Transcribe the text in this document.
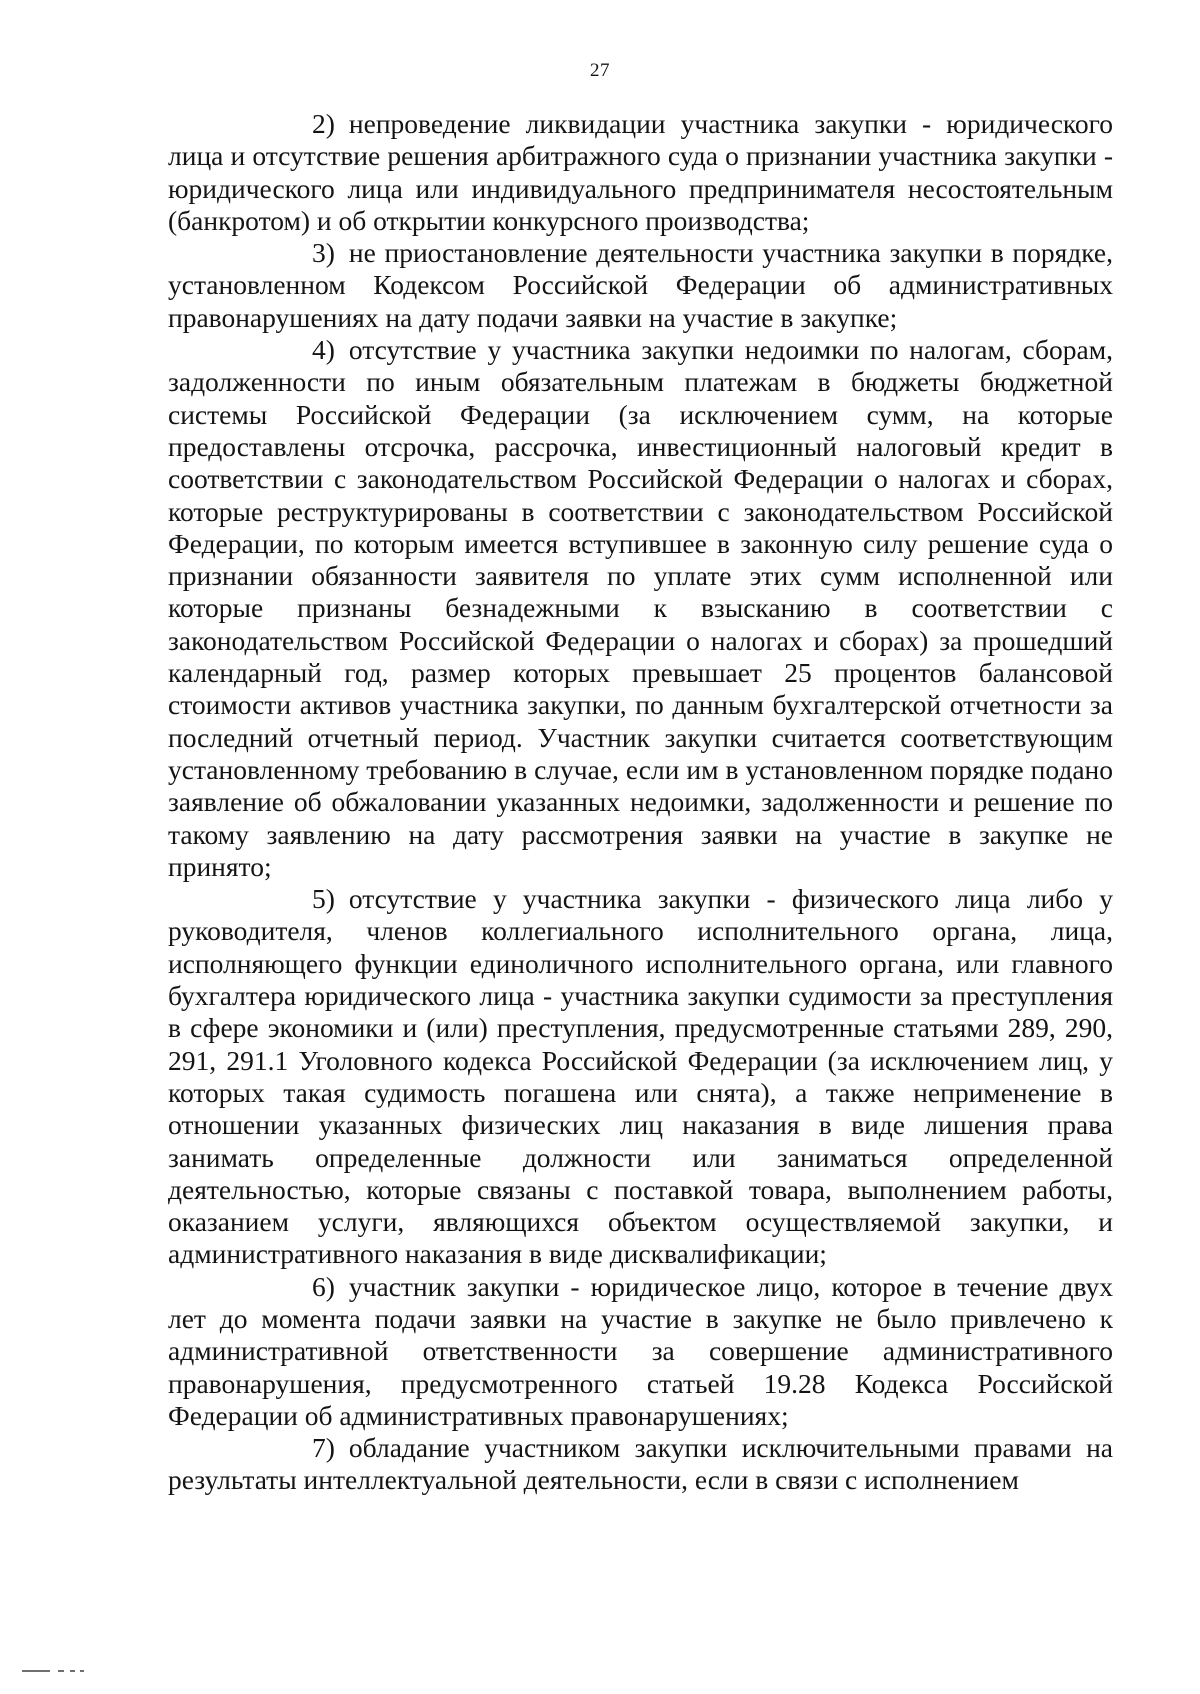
27

2) непроведение ликвидации участника закупки - юридического лица и отсутствие решения арбитражного суда о признании участника закупки - юридического лица или индивидуального предпринимателя несостоятельным (банкротом) и об открытии конкурсного производства;

3) не приостановление деятельности участника закупки в порядке, установленном Кодексом Российской Федерации об административных правонарушениях на дату подачи заявки на участие в закупке;

4) отсутствие у участника закупки недоимки по налогам, сборам, задолженности по иным обязательным платежам в бюджеты бюджетной системы Российской Федерации (за исключением сумм, на которые предоставлены отсрочка, рассрочка, инвестиционный налоговый кредит в соответствии с законодательством Российской Федерации о налогах и сборах, которые реструктурированы в соответствии с законодательством Российской Федерации, по которым имеется вступившее в законную силу решение суда о признании обязанности заявителя по уплате этих сумм исполненной или которые признаны безнадежными к взысканию в соответствии с законодательством Российской Федерации о налогах и сборах) за прошедший календарный год, размер которых превышает 25 процентов балансовой стоимости активов участника закупки, по данным бухгалтерской отчетности за последний отчетный период. Участник закупки считается соответствующим установленному требованию в случае, если им в установленном порядке подано заявление об обжаловании указанных недоимки, задолженности и решение по такому заявлению на дату рассмотрения заявки на участие в закупке не принято;

5) отсутствие у участника закупки - физического лица либо у руководителя, членов коллегиального исполнительного органа, лица, исполняющего функции единоличного исполнительного органа, или главного бухгалтера юридического лица - участника закупки судимости за преступления в сфере экономики и (или) преступления, предусмотренные статьями 289, 290, 291, 291.1 Уголовного кодекса Российской Федерации (за исключением лиц, у которых такая судимость погашена или снята), а также неприменение в отношении указанных физических лиц наказания в виде лишения права занимать определенные должности или заниматься определенной деятельностью, которые связаны с поставкой товара, выполнением работы, оказанием услуги, являющихся объектом осуществляемой закупки, и административного наказания в виде дисквалификации;

6) участник закупки - юридическое лицо, которое в течение двух лет до момента подачи заявки на участие в закупке не было привлечено к административной ответственности за совершение административного правонарушения, предусмотренного статьей 19.28 Кодекса Российской Федерации об административных правонарушениях;

7) обладание участником закупки исключительными правами на результаты интеллектуальной деятельности, если в связи с исполнением
